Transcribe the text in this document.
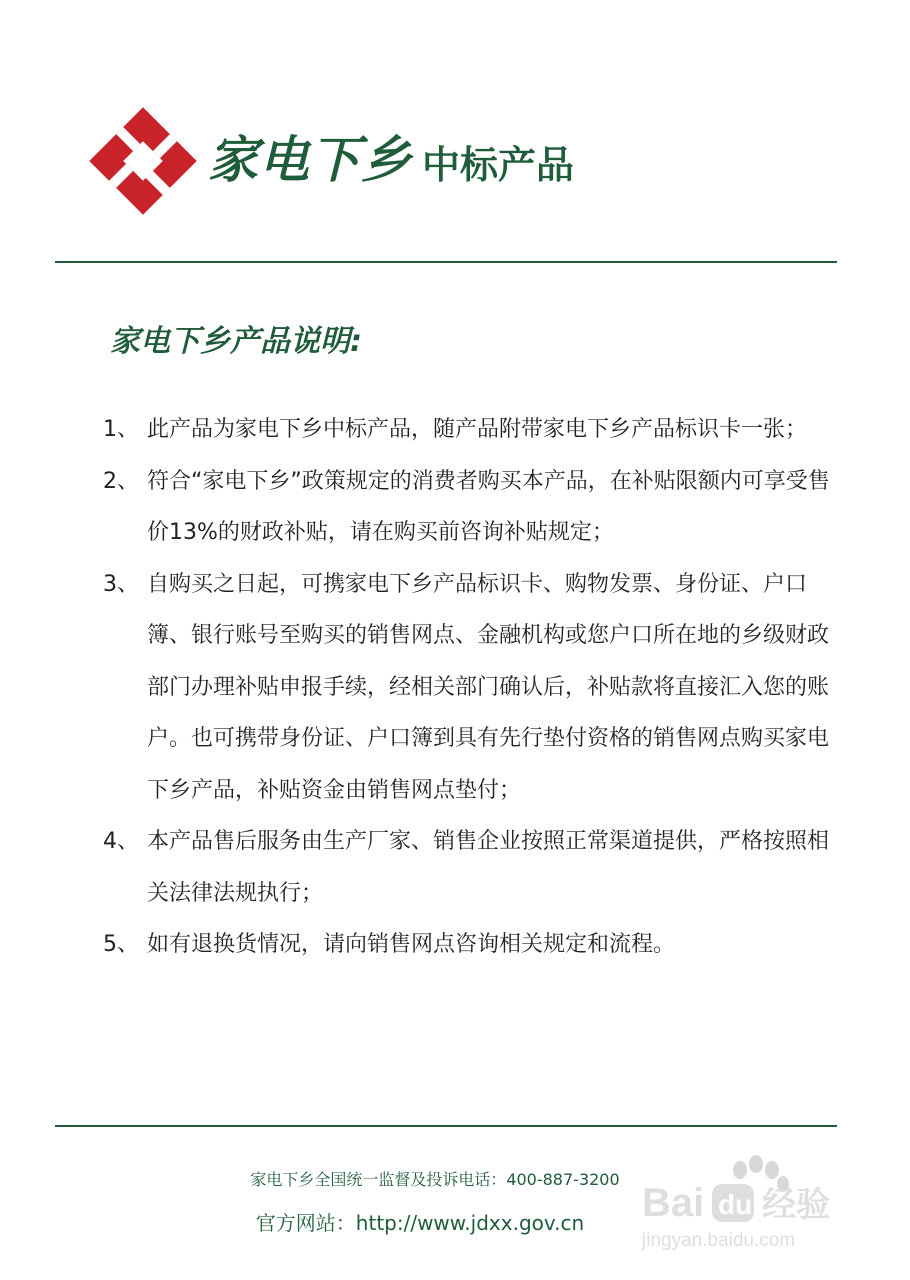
家电下乡 中标产品
家电下乡产品说明:
1、 此产品为家电下乡中标产品，随产品附带家电下乡产品标识卡一张；
2、 符合“家电下乡”政策规定的消费者购买本产品，在补贴限额内可享受售价13%的财政补贴，请在购买前咨询补贴规定；
3、 自购买之日起，可携家电下乡产品标识卡、购物发票、身份证、户口簿、银行账号至购买的销售网点、金融机构或您户口所在地的乡级财政部门办理补贴申报手续，经相关部门确认后，补贴款将直接汇入您的账户。也可携带身份证、户口簿到具有先行垫付资格的销售网点购买家电下乡产品，补贴资金由销售网点垫付；
4、 本产品售后服务由生产厂家、销售企业按照正常渠道提供，严格按照相关法律法规执行；
5、 如有退换货情况，请向销售网点咨询相关规定和流程。
家电下乡全国统一监督及投诉电话：400-887-3200
官方网站：http://www.jdxx.gov.cn	Bai du 经验
jingyan.baidu.com
